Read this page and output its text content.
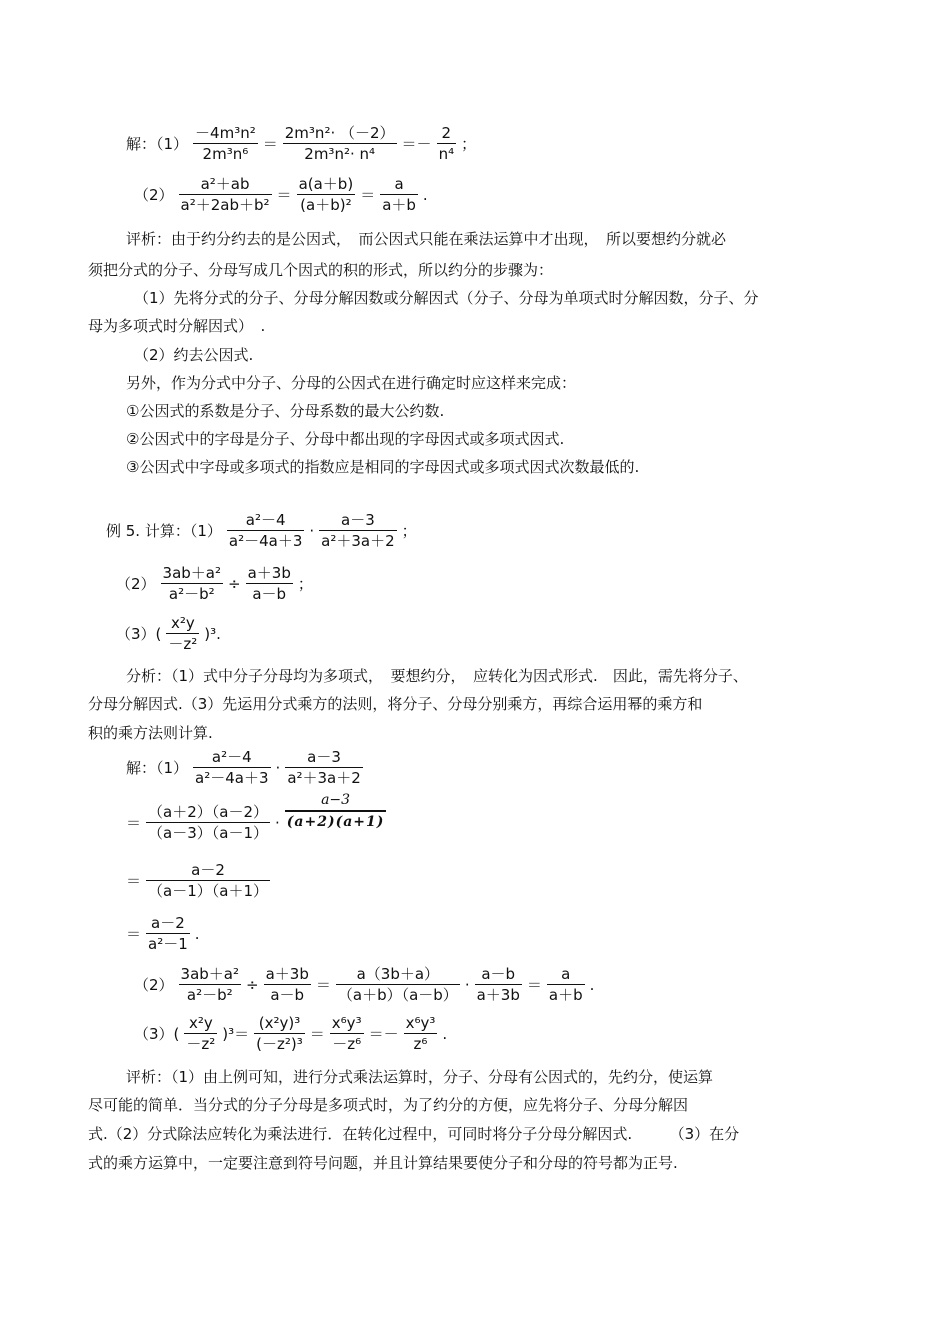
解：$(1) \frac{\text{－4m³n²}}{\text{2m³n⁶}} = \frac{\text{2m³n²· （－2）}}{\text{2m³n²· n⁴}} =- \frac{2}{\text{n⁴}}$ ；
$(2) \frac{\text{a²＋ab}}{\text{a²＋2ab＋b²}} = \frac{a(a+b)}{\text{(a＋b)²}} = \frac{a}{a+b}$ .
评析：由于约分约去的是公因式，　而公因式只能在乘法运算中才出现，　所以要想约分就必
须把分式的分子、分母写成几个因式的积的形式，所以约分的步骤为：
（1）先将分式的分子、分母分解因数或分解因式（分子、分母为单项式时分解因数，分子、分
母为多项式时分解因式）　.
（2）约去公因式.
另外，作为分式中分子、分母的公因式在进行确定时应这样来完成：
①公因式的系数是分子、分母系数的最大公约数.
②公因式中的字母是分子、分母中都出现的字母因式或多项式因式.
③公因式中字母或多项式的指数应是相同的字母因式或多项式因式次数最低的.
例 5. 计算：$(1) \frac{\text{a²－4}}{\text{a²－4a＋3}} \cdot \frac{a-3}{\text{a²＋3a＋2}}$ ；
$(2) \frac{\text{3ab＋a²}}{\text{a²－b²}} \div \frac{a+3b}{a-b}$ ；
$(3)( \frac{\text{x²y}}{\text{－z²}} )^3$.
分析：（1）式中分子分母均为多项式，　要想约分，　应转化为因式形式.　因此，需先将分子、
分母分解因式.（3）先运用分式乘方的法则，将分子、分母分别乘方，再综合运用幂的乘方和
积的乘方法则计算.
解：$(1) \frac{\text{a²－4}}{\text{a²－4a＋3}} \cdot \frac{a-3}{\text{a²＋3a＋2}}$
＝ $\frac{(a+2)(a-2)}{(a-3)(a-1)} \cdot \frac{a-3}{(a+2)(a+1)}$
＝ $\frac{a-2}{(a-1)(a+1)}$
＝ $\frac{a-2}{\text{a²－1}}$ .
$(2) \frac{\text{3ab＋a²}}{\text{a²－b²}} \div \frac{a+3b}{a-b} = \frac{a(3b+a)}{(a+b)(a-b)} \cdot \frac{a-b}{a+3b} = \frac{a}{a+b}$ .
$(3)( \frac{\text{x²y}}{\text{－z²}} )^3= \frac{\text{(x²y)³}}{\text{(－z²)³}} = \frac{\text{x⁶y³}}{\text{－z⁶}} =- \frac{\text{x⁶y³}}{\text{z⁶}}$ .
评析：（1）由上例可知，进行分式乘法运算时，分子、分母有公因式的，先约分，使运算
尽可能的简单．当分式的分子分母是多项式时，为了约分的方便，应先将分子、分母分解因
式.（2）分式除法应转化为乘法进行．在转化过程中，可同时将分子分母分解因式.　　　（3）在分
式的乘方运算中，一定要注意到符号问题，并且计算结果要使分子和分母的符号都为正号.
